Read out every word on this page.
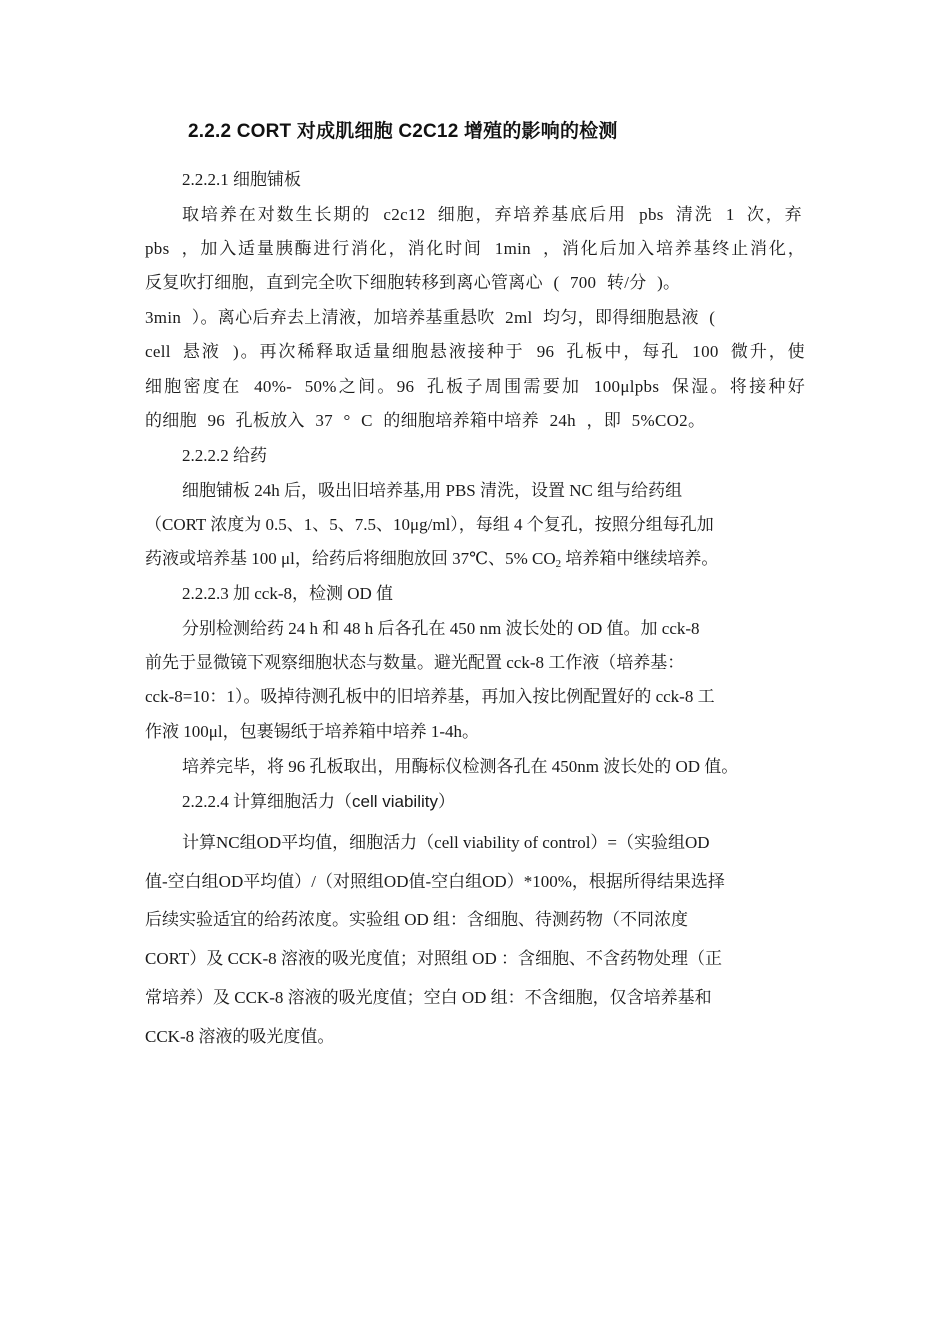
2.2.2 CORT 对成肌细胞 C2C12 增殖的影响的检测
2.2.2.1 细胞铺板
取培养在对数生长期的 c2c12 细胞，弃培养基底后用 pbs 清洗 1 次，弃
pbs ，加入适量胰酶进行消化，消化时间 1min ，消化后加入培养基终止消化，
反复吹打细胞，直到完全吹下细胞转移到离心管离心 ( 700 转/分 )。
3min ）。离心后弃去上清液，加培养基重悬吹 2ml 均匀，即得细胞悬液 (
cell 悬液 )。再次稀释取适量细胞悬液接种于 96 孔板中，每孔 100 微升，使
细胞密度在 40%- 50%之间。96 孔板子周围需要加 100μlpbs 保湿。将接种好
的细胞 96 孔板放入 37 ° C 的细胞培养箱中培养 24h ，即 5%CO2。
2.2.2.2 给药
细胞铺板 24h 后，吸出旧培养基,用 PBS 清洗，设置 NC 组与给药组
（CORT 浓度为 0.5、1、5、7.5、10μg/ml），每组 4 个复孔，按照分组每孔加
药液或培养基 100 μl，给药后将细胞放回 37℃、5% $CO_2$ 培养箱中继续培养。
2.2.2.3 加 cck-8，检测 OD 值
分别检测给药 24 h 和 48 h 后各孔在 450 nm 波长处的 OD 值。加 cck-8
前先于显微镜下观察细胞状态与数量。避光配置 cck-8 工作液（培养基：
cck-8=10：1）。吸掉待测孔板中的旧培养基，再加入按比例配置好的 cck-8 工
作液 100μl，包裹锡纸于培养箱中培养 1-4h。
培养完毕，将 96 孔板取出，用酶标仪检测各孔在 450nm 波长处的 OD 值。
2.2.2.4 计算细胞活力（cell viability）
计算NC组OD平均值，细胞活力（cell viability of control）=（实验组OD
值-空白组OD平均值）/（对照组OD值-空白组OD）*100%，根据所得结果选择
后续实验适宜的给药浓度。实验组 OD 组：含细胞、待测药物（不同浓度
CORT）及 CCK-8 溶液的吸光度值；对照组 OD ：含细胞、不含药物处理（正
常培养）及 CCK-8 溶液的吸光度值；空白 OD 组：不含细胞，仅含培养基和
CCK-8 溶液的吸光度值。
